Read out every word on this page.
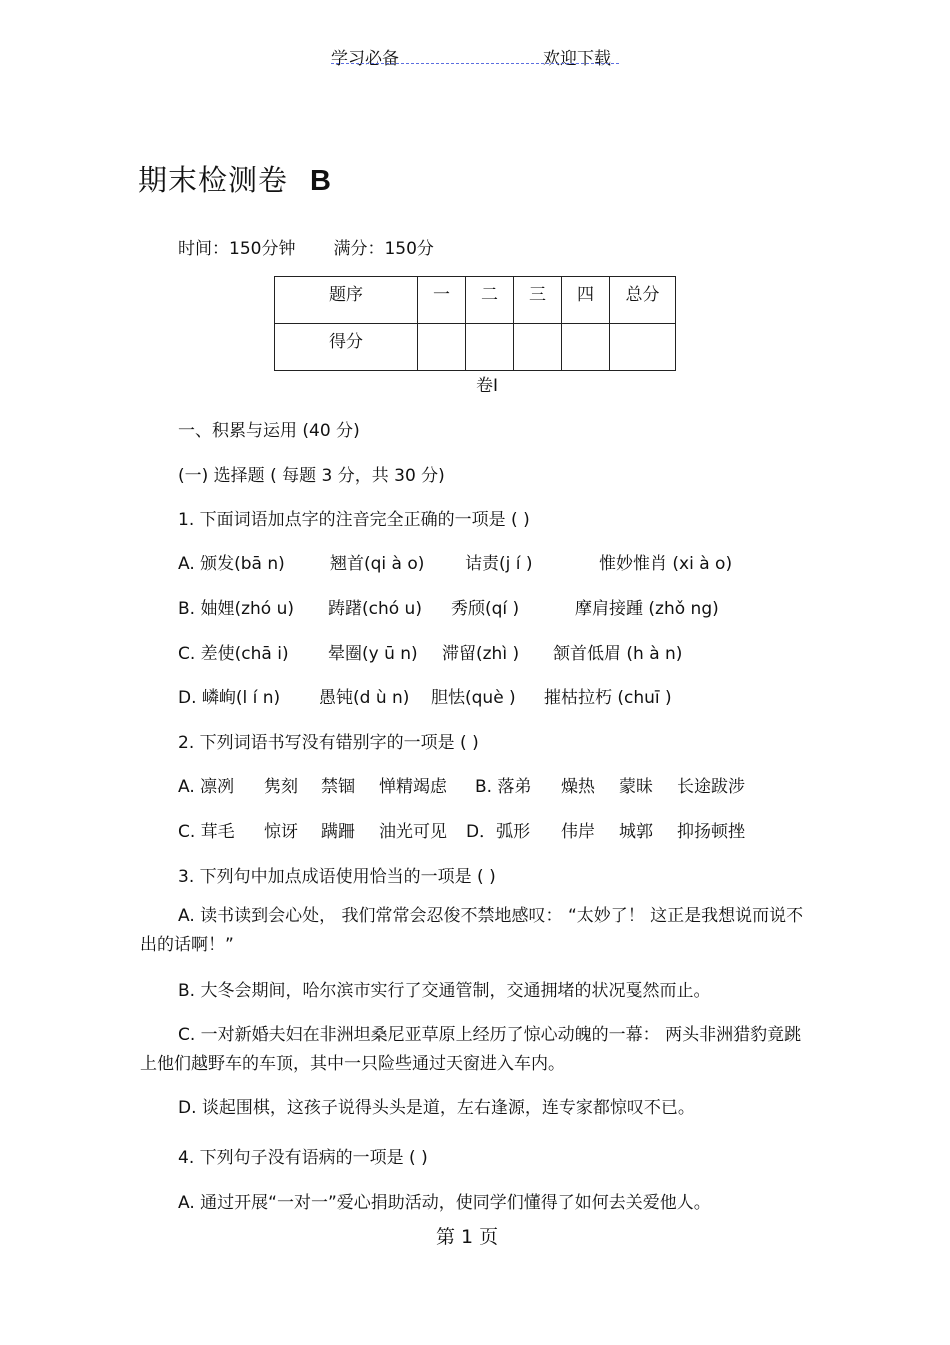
学习必备	欢迎下载
期末检测卷 B
时间：150分钟 满分：150分
题序	一	二	三	四	总分
得分					
卷Ⅰ
一、积累与运用 (40 分)
(一) 选择题 ( 每题 3 分，共 30 分)
1. 下面词语加点字的注音完全正确的一项是 ( )
A. 颁发(bā n)	翘首(qi à o) 诘责(j í )	惟妙惟肖 (xi à o)
B. 妯娌(zhó u) 踌躇(chó u) 秀颀(qí )	摩肩接踵 (zhǒ ng)
C. 差使(chā i) 晕圈(y ū n) 滞留(zhì ) 颔首低眉 (h à n)
D. 嶙峋(l í n) 愚钝(d ù n) 胆怯(què ) 摧枯拉朽 (chuī )
2. 下列词语书写没有错别字的一项是 ( )
A. 凛冽 隽刻 禁锢 惮精竭虑 B. 落弟 燥热 蒙昧 长途跋涉
C. 茸毛 惊讶 蹒跚 油光可见 D．弧形 伟岸 城郭 抑扬顿挫
3. 下列句中加点成语使用恰当的一项是 ( )
A. 读书读到会心处， 我们常常会忍俊不禁地感叹： “太妙了！ 这正是我想说而说不出的话啊！”
B. 大冬会期间，哈尔滨市实行了交通管制，交通拥堵的状况戛然而止。
C. 一对新婚夫妇在非洲坦桑尼亚草原上经历了惊心动魄的一幕： 两头非洲猎豹竟跳上他们越野车的车顶，其中一只险些通过天窗进入车内。
D. 谈起围棋，这孩子说得头头是道，左右逢源，连专家都惊叹不已。
4. 下列句子没有语病的一项是 ( )
A. 通过开展“一对一”爱心捐助活动，使同学们懂得了如何去关爱他人。
第 1 页
